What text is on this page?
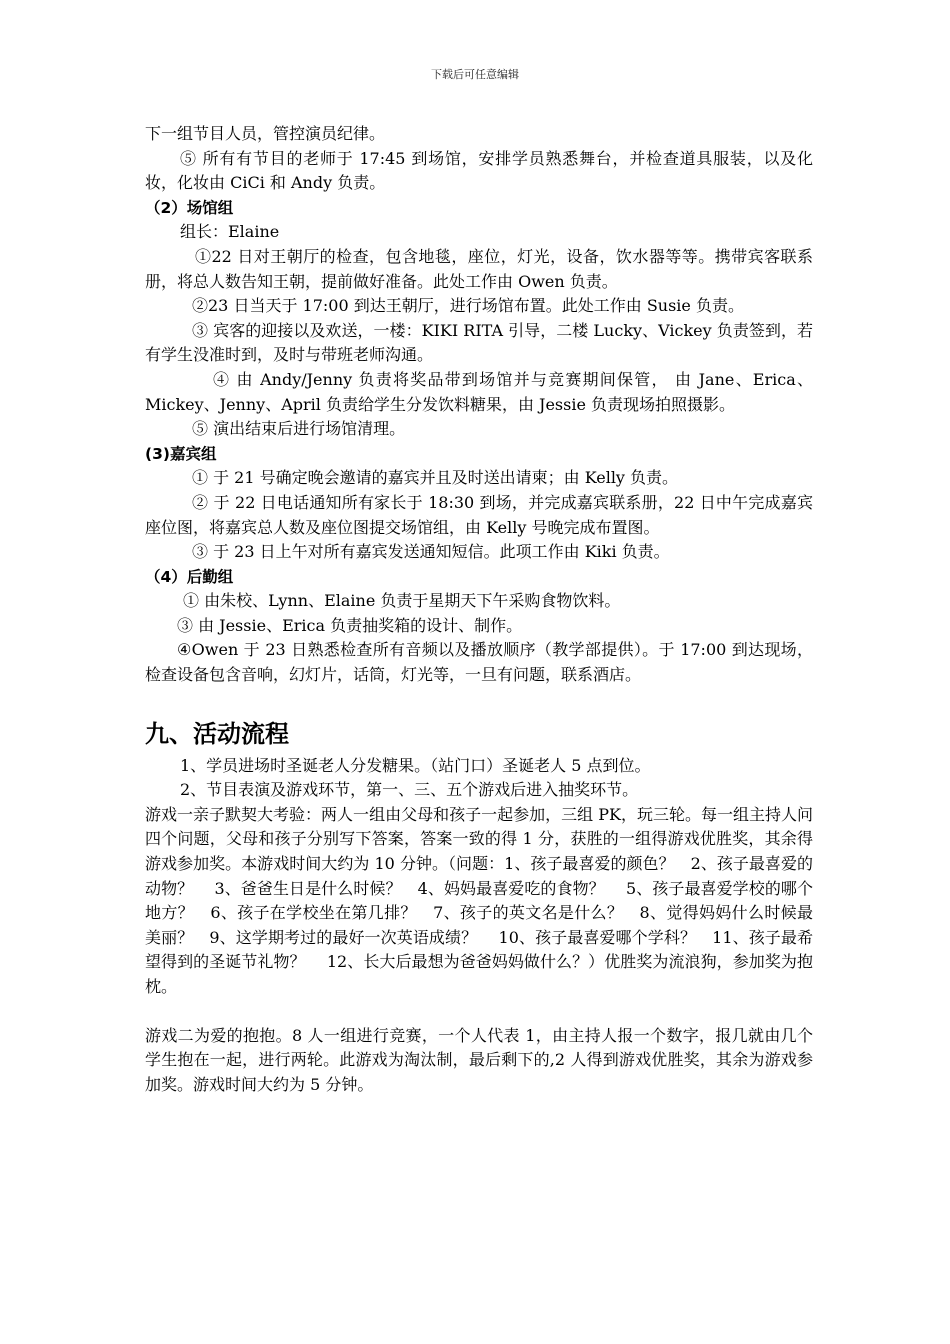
下载后可任意编辑

下一组节目人员，管控演员纪律。

⑤ 所有有节目的老师于 17:45 到场馆，安排学员熟悉舞台，并检查道具服装，以及化妆，化妆由 CiCi 和 Andy 负责。

（2）场馆组

组长：Elaine

①22 日对王朝厅的检查，包含地毯，座位，灯光，设备，饮水器等等。携带宾客联系册，将总人数告知王朝，提前做好准备。此处工作由 Owen 负责。

②23 日当天于 17:00 到达王朝厅，进行场馆布置。此处工作由 Susie 负责。

③ 宾客的迎接以及欢送，一楼：KIKI RITA 引导，二楼 Lucky、Vickey 负责签到，若有学生没准时到，及时与带班老师沟通。

④ 由 Andy/Jenny 负责将奖品带到场馆并与竞赛期间保管， 由 Jane、Erica、Mickey、Jenny、April 负责给学生分发饮料糖果，由 Jessie 负责现场拍照摄影。

⑤ 演出结束后进行场馆清理。

(3)嘉宾组

① 于 21 号确定晚会邀请的嘉宾并且及时送出请柬；由 Kelly 负责。

② 于 22 日电话通知所有家长于 18:30 到场，并完成嘉宾联系册，22 日中午完成嘉宾座位图，将嘉宾总人数及座位图提交场馆组，由 Kelly 号晚完成布置图。

③ 于 23 日上午对所有嘉宾发送通知短信。此项工作由 Kiki 负责。

（4）后勤组

① 由朱校、Lynn、Elaine 负责于星期天下午采购食物饮料。

③ 由 Jessie、Erica 负责抽奖箱的设计、制作。

④Owen 于 23 日熟悉检查所有音频以及播放顺序（教学部提供）。于 17:00 到达现场，检查设备包含音响，幻灯片，话筒，灯光等，一旦有问题，联系酒店。

九、活动流程

1、学员进场时圣诞老人分发糖果。（站门口）圣诞老人 5 点到位。

2、节目表演及游戏环节，第一、三、五个游戏后进入抽奖环节。

游戏一亲子默契大考验：两人一组由父母和孩子一起参加，三组 PK，玩三轮。每一组主持人问四个问题，父母和孩子分别写下答案，答案一致的得 1 分，获胜的一组得游戏优胜奖，其余得游戏参加奖。本游戏时间大约为 10 分钟。（问题：1、孩子最喜爱的颜色？　2、孩子最喜爱的动物？　 3、爸爸生日是什么时候？　4、妈妈最喜爱吃的食物？　 5、孩子最喜爱学校的哪个地方？　6、孩子在学校坐在第几排？　7、孩子的英文名是什么？　8、觉得妈妈什么时候最美丽？　9、这学期考过的最好一次英语成绩？　 10、孩子最喜爱哪个学科？　11、孩子最希望得到的圣诞节礼物？　 12、长大后最想为爸爸妈妈做什么？）优胜奖为流浪狗，参加奖为抱枕。

游戏二为爱的抱抱。8 人一组进行竞赛，一个人代表 1，由主持人报一个数字，报几就由几个学生抱在一起，进行两轮。此游戏为淘汰制，最后剩下的,2 人得到游戏优胜奖，其余为游戏参加奖。游戏时间大约为 5 分钟。
